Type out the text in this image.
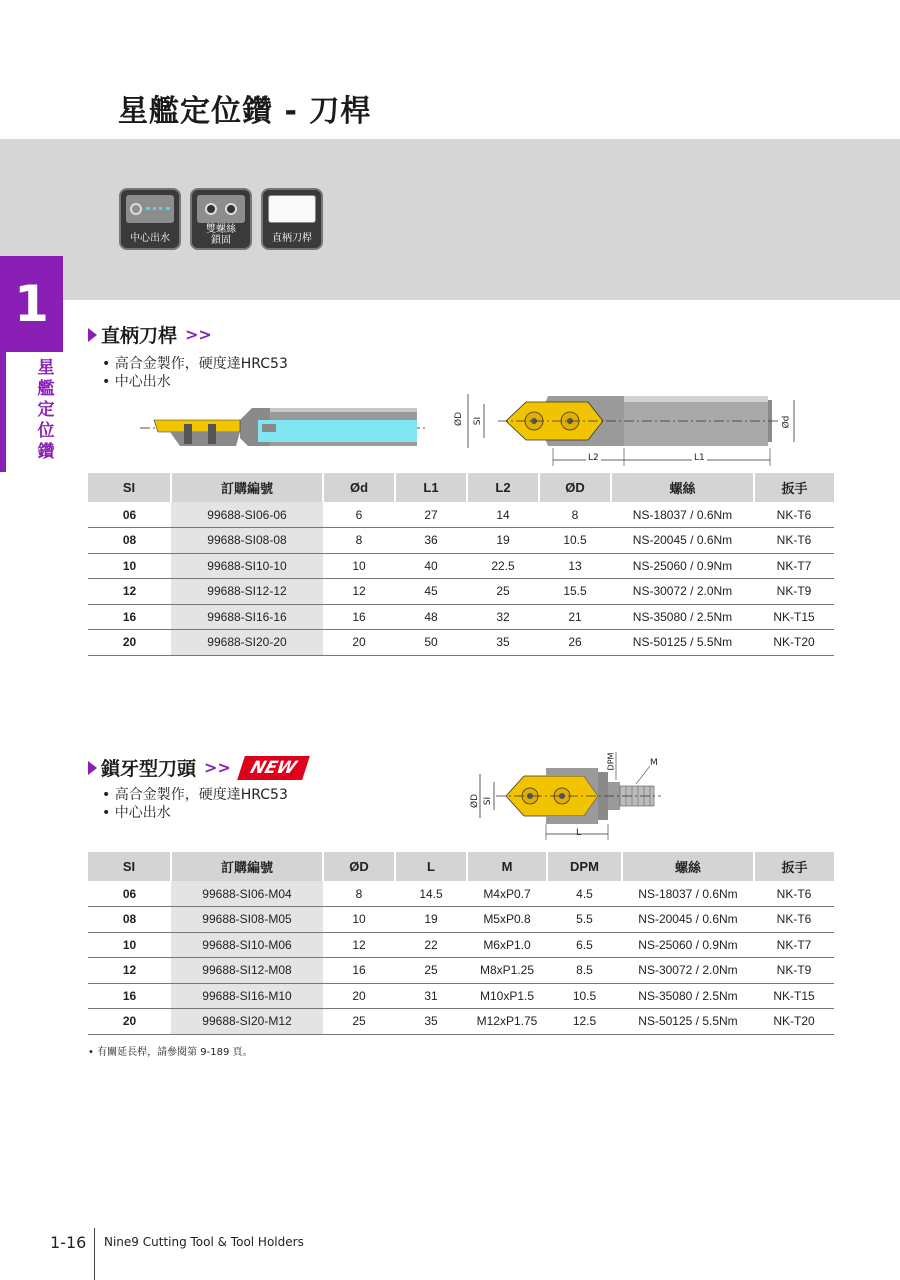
星艦定位鑽 - 刀桿
中心出水
雙螺絲
鎖固	直柄刀桿
1
星艦定位鑽
直柄刀桿 >>
• 高合金製作，硬度達HRC53
• 中心出水
ØD SI
L2	L1
Ød
SI	訂購編號	Ød	L1	L2	ØD	螺絲	扳手
06	99688-SI06-06	6	27	14	8	NS-18037 / 0.6Nm	NK-T6
08	99688-SI08-08	8	36	19	10.5	NS-20045 / 0.6Nm	NK-T6
10	99688-SI10-10	10	40	22.5	13	NS-25060 / 0.9Nm	NK-T7
12	99688-SI12-12	12	45	25	15.5	NS-30072 / 2.0Nm	NK-T9
16	99688-SI16-16	16	48	32	21	NS-35080 / 2.5Nm	NK-T15
20	99688-SI20-20	20	50	35	26	NS-50125 / 5.5Nm	NK-T20
鎖牙型刀頭 >> NEW
• 高合金製作，硬度達HRC53
• 中心出水
ØD SI
L
DPM	M
SI	訂購編號	ØD	L	M	DPM	螺絲	扳手
06	99688-SI06-M04	8	14.5	M4xP0.7	4.5	NS-18037 / 0.6Nm	NK-T6
08	99688-SI08-M05	10	19	M5xP0.8	5.5	NS-20045 / 0.6Nm	NK-T6
10	99688-SI10-M06	12	22	M6xP1.0	6.5	NS-25060 / 0.9Nm	NK-T7
12	99688-SI12-M08	16	25	M8xP1.25	8.5	NS-30072 / 2.0Nm	NK-T9
16	99688-SI16-M10	20	31	M10xP1.5	10.5	NS-35080 / 2.5Nm	NK-T15
20	99688-SI20-M12	25	35	M12xP1.75	12.5	NS-50125 / 5.5Nm	NK-T20
• 有關延長桿，請參閱第 9-189 頁。
1-16 Nine9 Cutting Tool & Tool Holders
